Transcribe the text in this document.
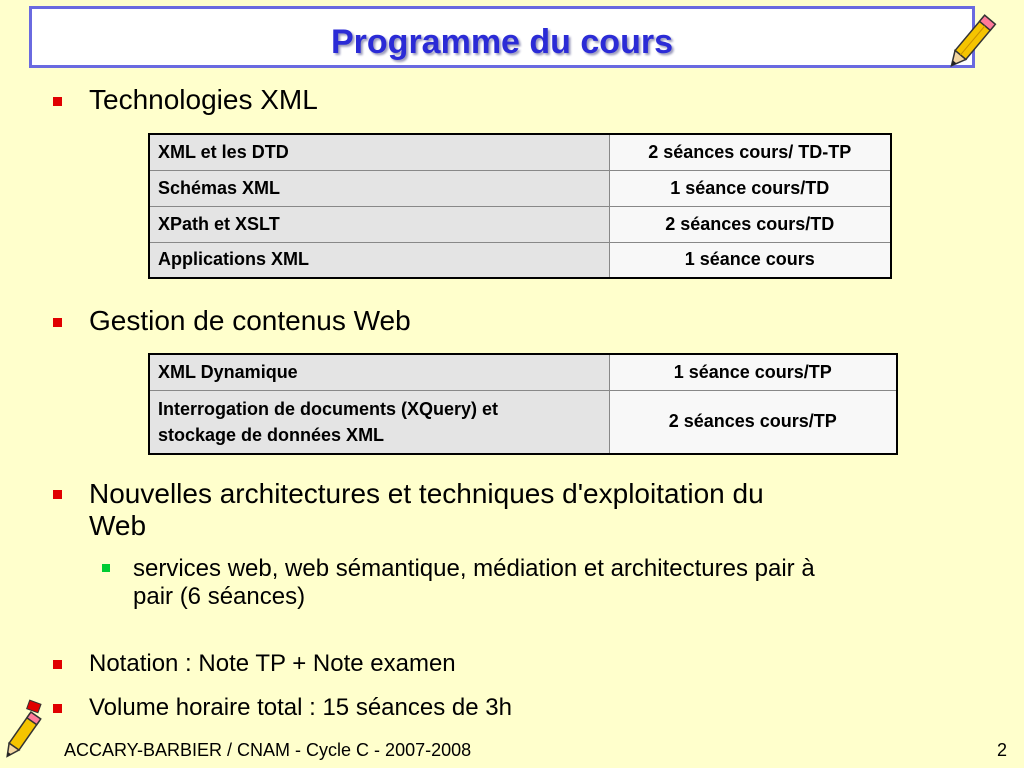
Programme du cours
Technologies XML
XML et les DTD	2 séances cours/ TD-TP
Schémas XML	1 séance cours/TD
XPath et XSLT	2 séances cours/TD
Applications XML	1 séance cours
Gestion de contenus Web
XML Dynamique	1 séance cours/TP
Interrogation de documents (XQuery) et
stockage de données XML	2 séances cours/TP
Nouvelles architectures et techniques d'exploitation du
Web
services web, web sémantique, médiation et architectures pair à
pair (6 séances)
Notation : Note TP + Note examen
Volume horaire total : 15 séances de 3h
ACCARY-BARBIER / CNAM - Cycle C - 2007-2008	2
